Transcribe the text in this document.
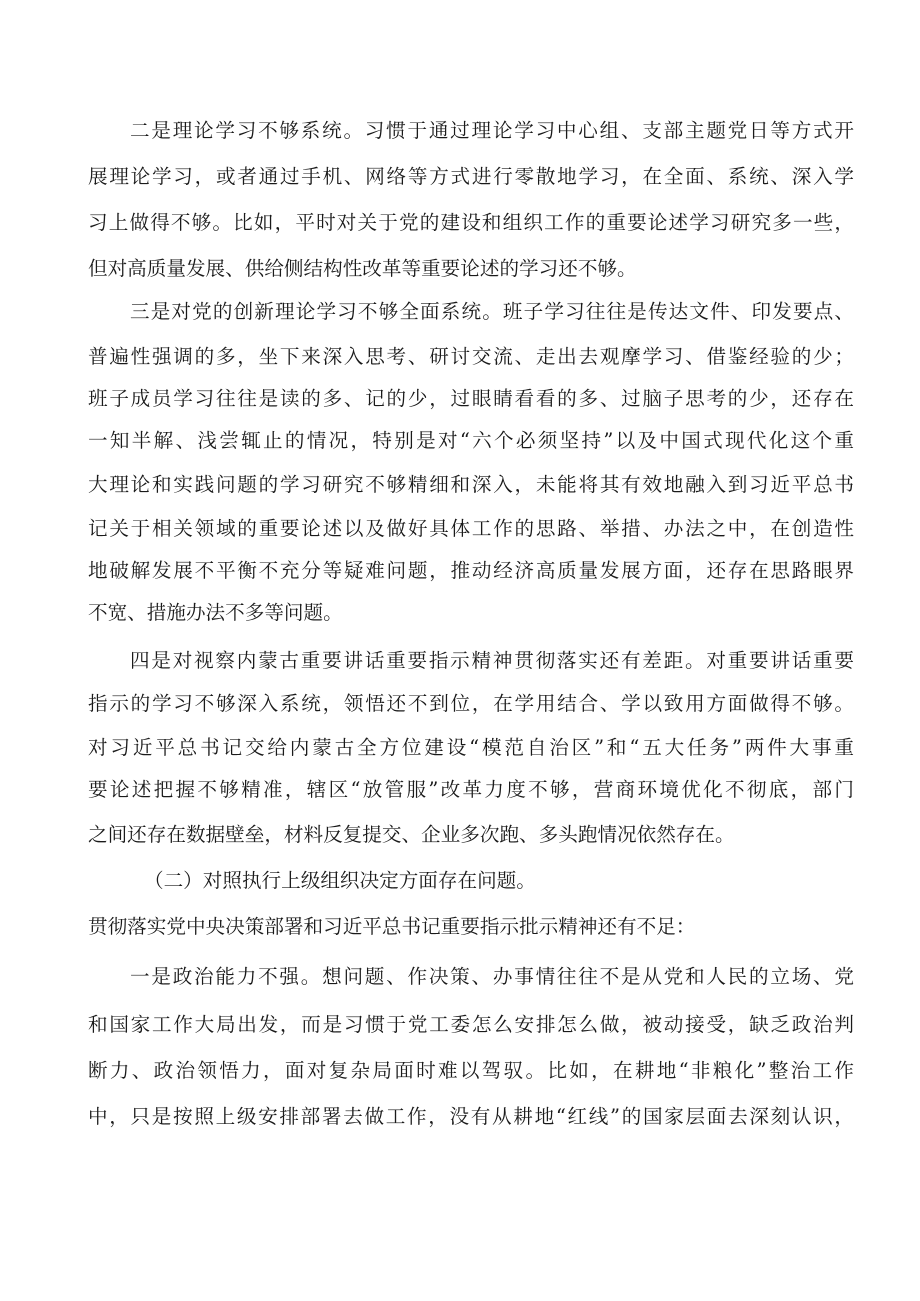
二是理论学习不够系统。习惯于通过理论学习中心组、支部主题党日等方式开
展理论学习，或者通过手机、网络等方式进行零散地学习，在全面、系统、深入学
习上做得不够。比如，平时对关于党的建设和组织工作的重要论述学习研究多一些，
但对高质量发展、供给侧结构性改革等重要论述的学习还不够。
三是对党的创新理论学习不够全面系统。班子学习往往是传达文件、印发要点、
普遍性强调的多，坐下来深入思考、研讨交流、走出去观摩学习、借鉴经验的少；
班子成员学习往往是读的多、记的少，过眼睛看看的多、过脑子思考的少，还存在
一知半解、浅尝辄止的情况，特别是对“六个必须坚持”以及中国式现代化这个重
大理论和实践问题的学习研究不够精细和深入，未能将其有效地融入到习近平总书
记关于相关领域的重要论述以及做好具体工作的思路、举措、办法之中，在创造性
地破解发展不平衡不充分等疑难问题，推动经济高质量发展方面，还存在思路眼界
不宽、措施办法不多等问题。
四是对视察内蒙古重要讲话重要指示精神贯彻落实还有差距。对重要讲话重要
指示的学习不够深入系统，领悟还不到位，在学用结合、学以致用方面做得不够。
对习近平总书记交给内蒙古全方位建设“模范自治区”和“五大任务”两件大事重
要论述把握不够精准，辖区“放管服”改革力度不够，营商环境优化不彻底，部门
之间还存在数据壁垒，材料反复提交、企业多次跑、多头跑情况依然存在。
（二）对照执行上级组织决定方面存在问题。
贯彻落实党中央决策部署和习近平总书记重要指示批示精神还有不足：
一是政治能力不强。想问题、作决策、办事情往往不是从党和人民的立场、党
和国家工作大局出发，而是习惯于党工委怎么安排怎么做，被动接受，缺乏政治判
断力、政治领悟力，面对复杂局面时难以驾驭。比如，在耕地“非粮化”整治工作
中，只是按照上级安排部署去做工作，没有从耕地“红线”的国家层面去深刻认识，
